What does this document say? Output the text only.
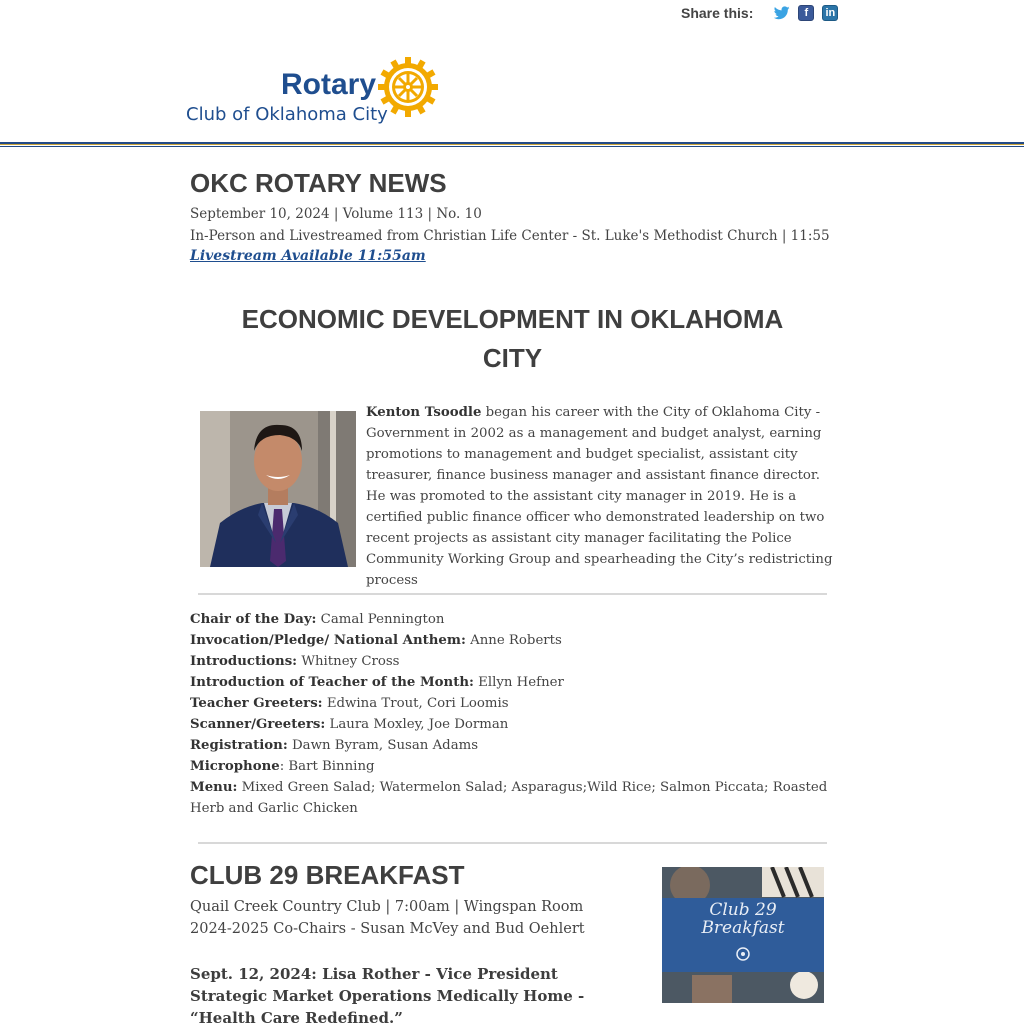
Share this:	f	in
Rotary
Club of Oklahoma City
OKC ROTARY NEWS
September 10, 2024 | Volume 113 | No. 10
In-Person and Livestreamed from Christian Life Center - St. Luke's Methodist Church | 11:55
Livestream Available 11:55am
ECONOMIC DEVELOPMENT IN OKLAHOMA
CITY
Kenton Tsoodle began his career with the City of Oklahoma City - Government in 2002 as a management and budget analyst, earning promotions to management and budget specialist, assistant city treasurer, finance business manager and assistant finance director. He was promoted to the assistant city manager in 2019. He is a certified public finance officer who demonstrated leadership on two recent projects as assistant city manager facilitating the Police Community Working Group and spearheading the City’s redistricting process
Chair of the Day: Camal Pennington
Invocation/Pledge/ National Anthem: Anne Roberts
Introductions: Whitney Cross
Introduction of Teacher of the Month: Ellyn Hefner
Teacher Greeters: Edwina Trout, Cori Loomis
Scanner/Greeters: Laura Moxley, Joe Dorman
Registration: Dawn Byram, Susan Adams
Microphone: Bart Binning
Menu: Mixed Green Salad; Watermelon Salad; Asparagus;Wild Rice; Salmon Piccata; Roasted Herb and Garlic Chicken
CLUB 29 BREAKFAST
Quail Creek Country Club | 7:00am | Wingspan Room
2024-2025 Co-Chairs - Susan McVey and Bud Oehlert
Sept. 12, 2024: Lisa Rother - Vice President Strategic Market Operations Medically Home - “Health Care Redefined.”
Club 29
Breakfast
